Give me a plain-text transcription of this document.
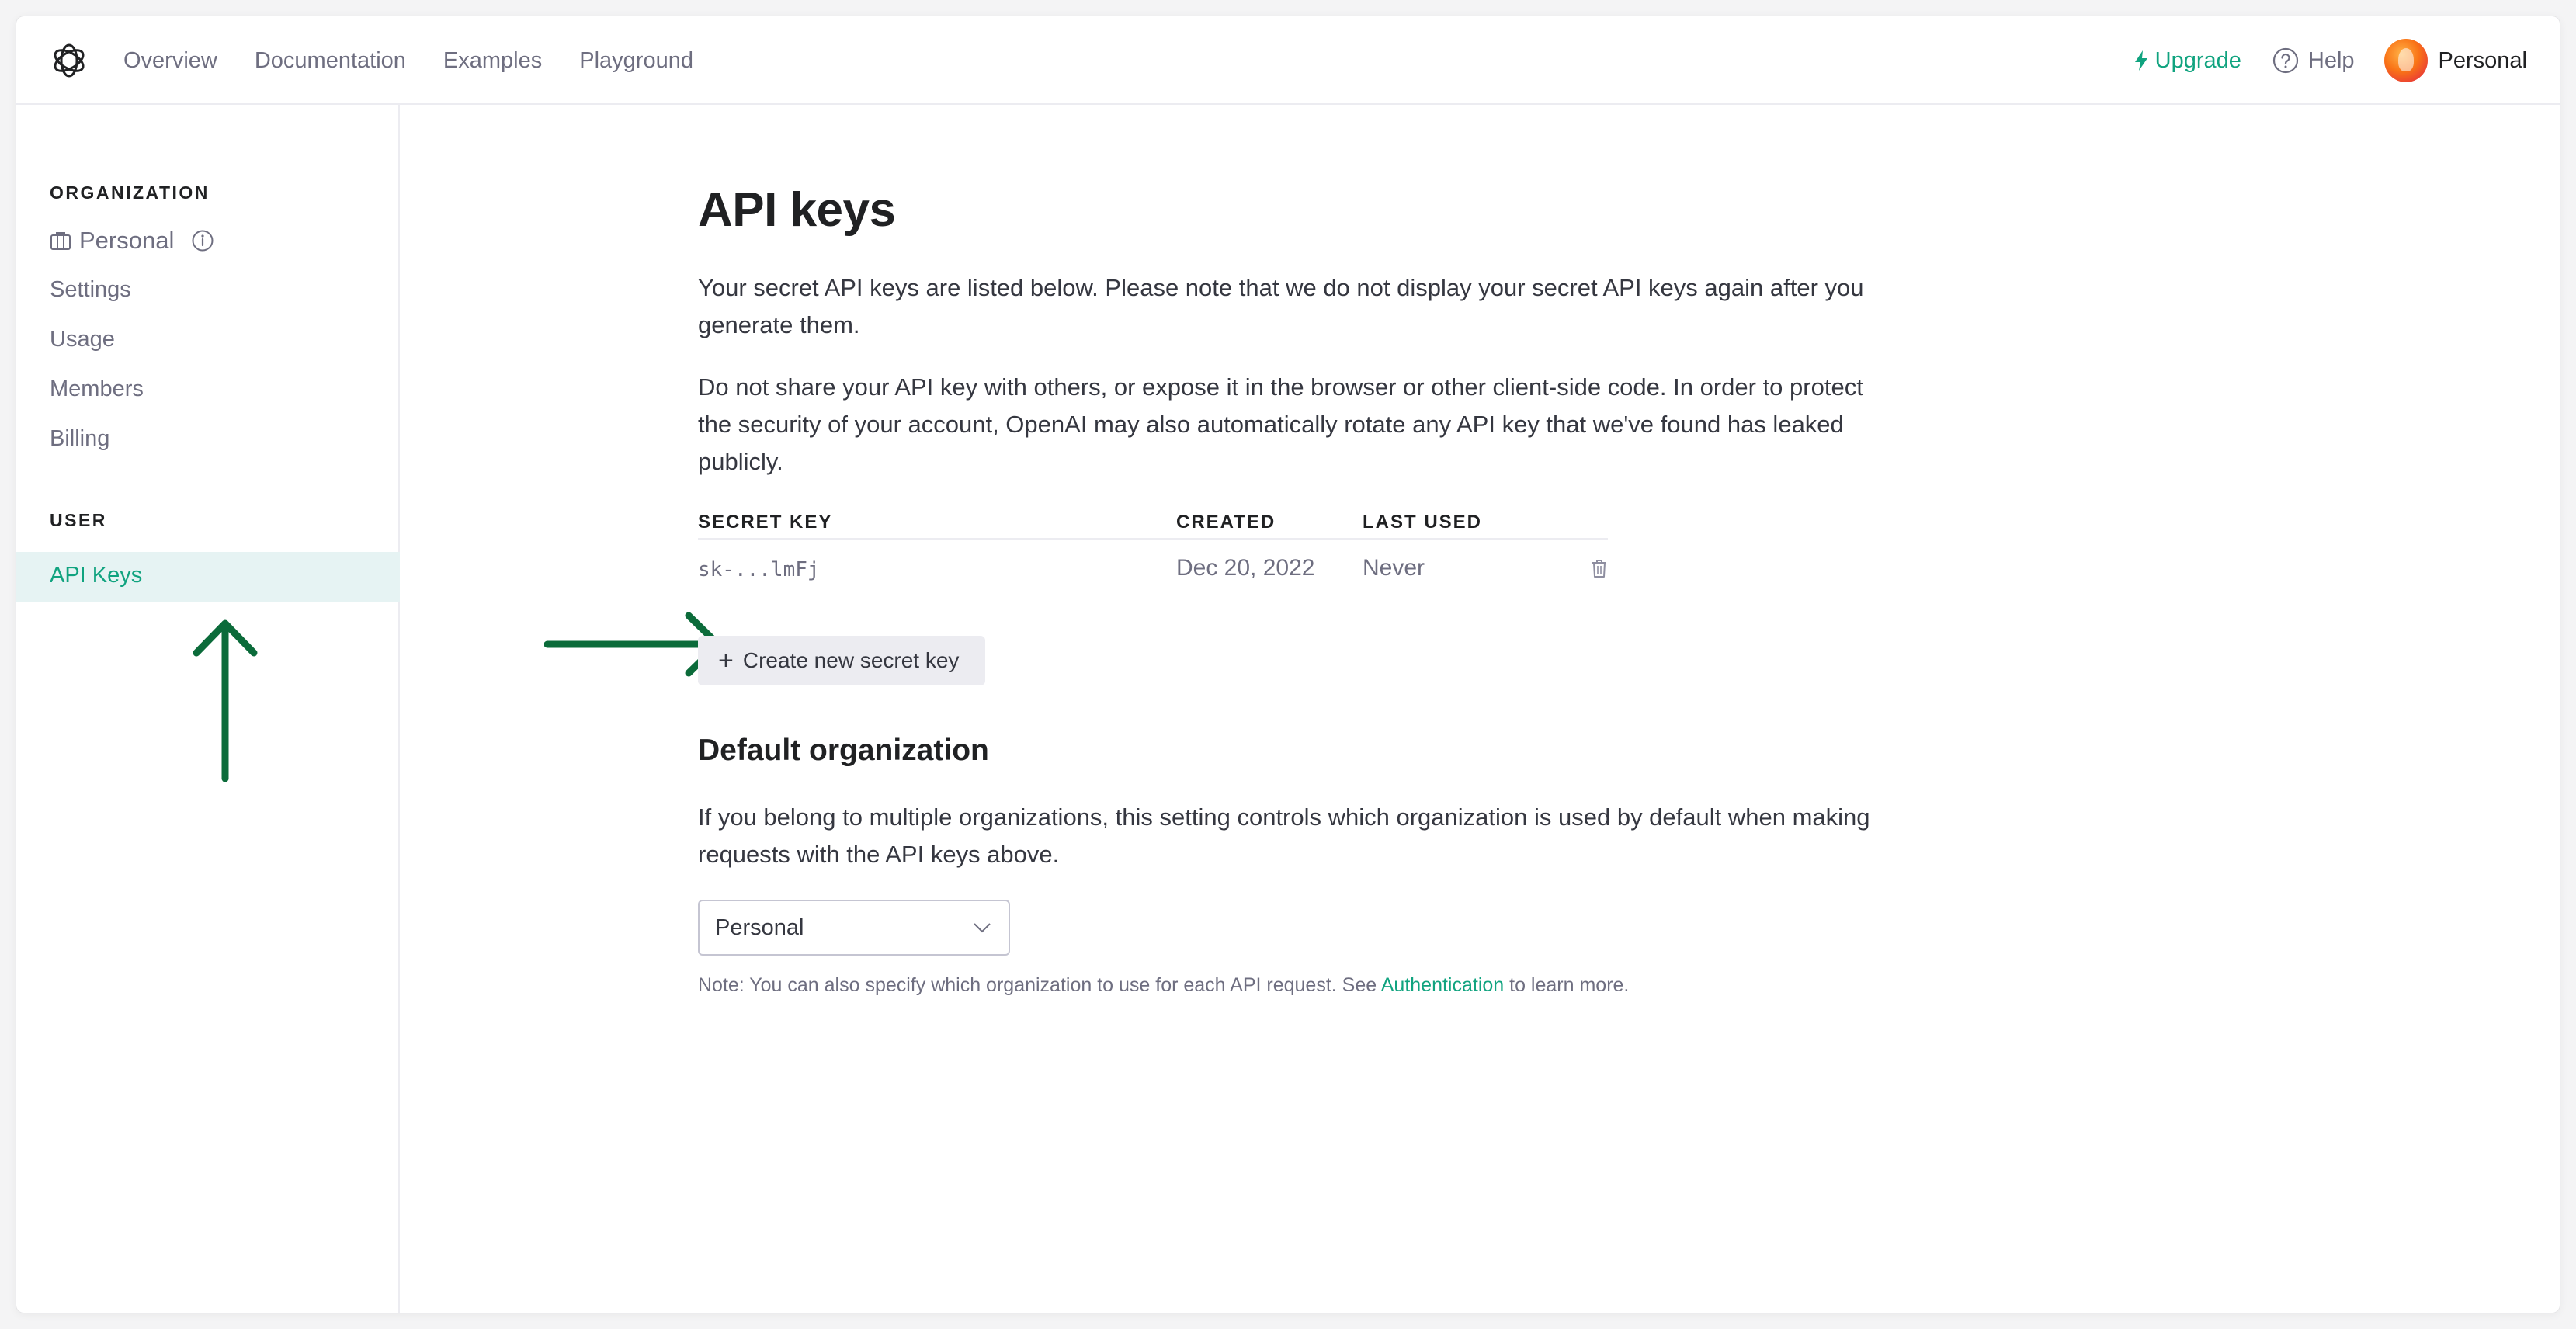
Overview Documentation Examples Playground	Upgrade	Help	Personal
ORGANIZATION
Personal
Settings
Usage
Members
Billing
USER
API Keys
API keys

Your secret API keys are listed below. Please note that we do not display your secret API keys again after you generate them.

Do not share your API key with others, or expose it in the browser or other client-side code. In order to protect the security of your account, OpenAI may also automatically rotate any API key that we've found has leaked publicly.

SECRET KEY	CREATED	LAST USED
sk-...lmFj	Dec 20, 2022 Never
+ Create new secret key
Default organization

If you belong to multiple organizations, this setting controls which organization is used by default when making requests with the API keys above.

Personal

Note: You can also specify which organization to use for each API request. See Authentication to learn more.
